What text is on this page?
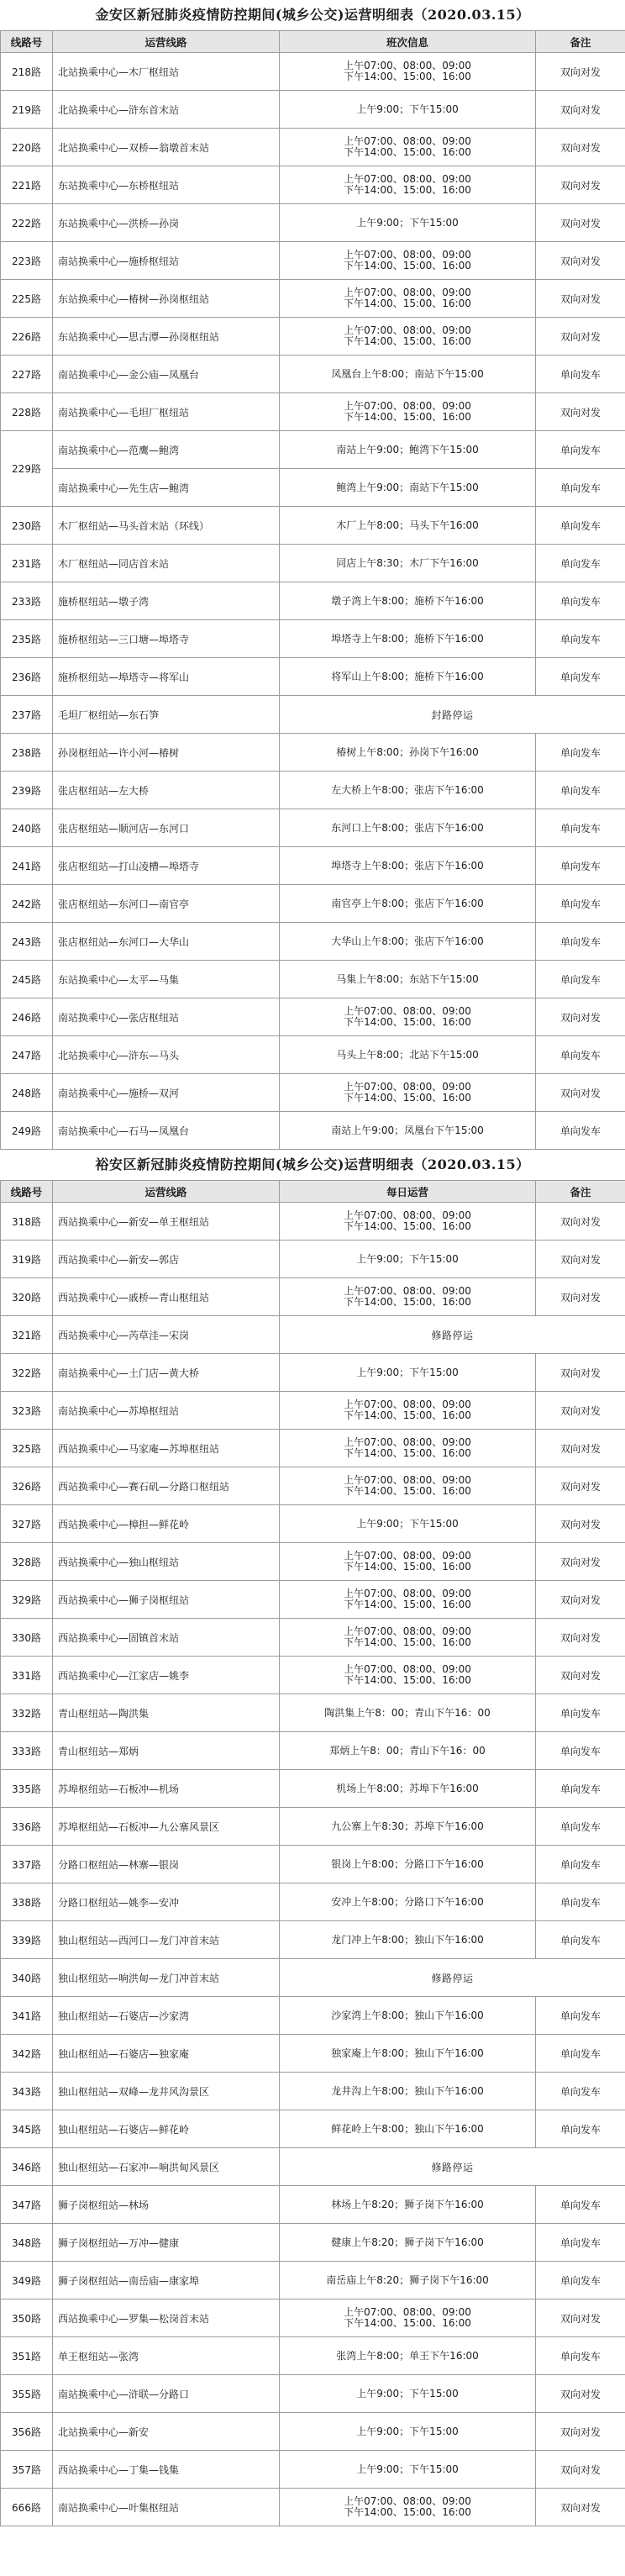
金安区新冠肺炎疫情防控期间(城乡公交)运营明细表（2020.03.15）
线路号	运营线路	班次信息	备注
218路	北站换乘中心—木厂枢纽站	上午07:00、08:00、09:00
下午14:00、15:00、16:00	双向对发
219路	北站换乘中心—浒东首末站	上午9:00；下午15:00	双向对发
220路	北站换乘中心—双桥—翁墩首末站	上午07:00、08:00、09:00
下午14:00、15:00、16:00	双向对发
221路	东站换乘中心—东桥枢纽站	上午07:00、08:00、09:00
下午14:00、15:00、16:00	双向对发
222路	东站换乘中心—洪桥—孙岗	上午9:00；下午15:00	双向对发
223路	南站换乘中心—施桥枢纽站	上午07:00、08:00、09:00
下午14:00、15:00、16:00	双向对发
225路	东站换乘中心—椿树—孙岗枢纽站	上午07:00、08:00、09:00
下午14:00、15:00、16:00	双向对发
226路	东站换乘中心—思古潭—孙岗枢纽站	上午07:00、08:00、09:00
下午14:00、15:00、16:00	双向对发
227路	南站换乘中心—金公庙—凤凰台	凤凰台上午8:00；南站下午15:00	单向发车
228路	南站换乘中心—毛坦厂枢纽站	上午07:00、08:00、09:00
下午14:00、15:00、16:00	双向对发
229路	南站换乘中心—范鹰—鲍湾	南站上午9:00；鲍湾下午15:00	单向发车
	南站换乘中心—先生店—鲍湾	鲍湾上午9:00；南站下午15:00	单向发车
230路	木厂枢纽站—马头首末站（环线）	木厂上午8:00；马头下午16:00	单向发车
231路	木厂枢纽站—同店首末站	同店上午8:30；木厂下午16:00	单向发车
233路	施桥枢纽站—墩子湾	墩子湾上午8:00；施桥下午16:00	单向发车
235路	施桥枢纽站—三口塘—埠塔寺	埠塔寺上午8:00；施桥下午16:00	单向发车
236路	施桥枢纽站—埠塔寺—将军山	将军山上午8:00；施桥下午16:00	单向发车
237路	毛坦厂枢纽站—东石笋	封路停运	
238路	孙岗枢纽站—许小河—椿树	椿树上午8:00；孙岗下午16:00	单向发车
239路	张店枢纽站—左大桥	左大桥上午8:00；张店下午16:00	单向发车
240路	张店枢纽站—顺河店—东河口	东河口上午8:00；张店下午16:00	单向发车
241路	张店枢纽站—打山凌槽—埠塔寺	埠塔寺上午8:00；张店下午16:00	单向发车
242路	张店枢纽站—东河口—南官亭	南官亭上午8:00；张店下午16:00	单向发车
243路	张店枢纽站—东河口—大华山	大华山上午8:00；张店下午16:00	单向发车
245路	东站换乘中心—太平—马集	马集上午8:00；东站下午15:00	单向发车
246路	南站换乘中心—张店枢纽站	上午07:00、08:00、09:00
下午14:00、15:00、16:00	双向对发
247路	北站换乘中心—浒东—马头	马头上午8:00；北站下午15:00	单向发车
248路	南站换乘中心—施桥—双河	上午07:00、08:00、09:00
下午14:00、15:00、16:00	双向对发
249路	南站换乘中心—石马—凤凰台	南站上午9:00；凤凰台下午15:00	单向发车
裕安区新冠肺炎疫情防控期间(城乡公交)运营明细表（2020.03.15）
线路号	运营线路	每日运营	备注
318路	西站换乘中心—新安—单王枢纽站	上午07:00、08:00、09:00
下午14:00、15:00、16:00	双向对发
319路	西站换乘中心—新安—郭店	上午9:00；下午15:00	双向对发
320路	西站换乘中心—戚桥—青山枢纽站	上午07:00、08:00、09:00
下午14:00、15:00、16:00	双向对发
321路	西站换乘中心—芮草洼—宋岗	修路停运	
322路	南站换乘中心—土门店—黄大桥	上午9:00；下午15:00	双向对发
323路	南站换乘中心—苏埠枢纽站	上午07:00、08:00、09:00
下午14:00、15:00、16:00	双向对发
325路	西站换乘中心—马家庵—苏埠枢纽站	上午07:00、08:00、09:00
下午14:00、15:00、16:00	双向对发
326路	西站换乘中心—赛石矶—分路口枢纽站	上午07:00、08:00、09:00
下午14:00、15:00、16:00	双向对发
327路	西站换乘中心—樟担—鲜花岭	上午9:00；下午15:00	双向对发
328路	西站换乘中心—独山枢纽站	上午07:00、08:00、09:00
下午14:00、15:00、16:00	双向对发
329路	西站换乘中心—狮子岗枢纽站	上午07:00、08:00、09:00
下午14:00、15:00、16:00	双向对发
330路	西站换乘中心—固镇首末站	上午07:00、08:00、09:00
下午14:00、15:00、16:00	双向对发
331路	西站换乘中心—江家店—姚李	上午07:00、08:00、09:00
下午14:00、15:00、16:00	双向对发
332路	青山枢纽站—陶洪集	陶洪集上午8：00；青山下午16：00	单向发车
333路	青山枢纽站—郑炳	郑炳上午8：00；青山下午16：00	单向发车
335路	苏埠枢纽站—石板冲—机场	机场上午8:00；苏埠下午16:00	单向发车
336路	苏埠枢纽站—石板冲—九公寨风景区	九公寨上午8:30；苏埠下午16:00	单向发车
337路	分路口枢纽站—林寨—银岗	银岗上午8:00；分路口下午16:00	单向发车
338路	分路口枢纽站—姚李—安冲	安冲上午8:00；分路口下午16:00	单向发车
339路	独山枢纽站—西河口—龙门冲首末站	龙门冲上午8:00；独山下午16:00	单向发车
340路	独山枢纽站—响洪甸—龙门冲首末站	修路停运	
341路	独山枢纽站—石婆店—沙家湾	沙家湾上午8:00；独山下午16:00	单向发车
342路	独山枢纽站—石婆店—独家庵	独家庵上午8:00；独山下午16:00	单向发车
343路	独山枢纽站—双峰—龙井风沟景区	龙井沟上午8:00；独山下午16:00	单向发车
345路	独山枢纽站—石婆店—鲜花岭	鲜花岭上午8:00；独山下午16:00	单向发车
346路	独山枢纽站—石家冲—响洪甸风景区	修路停运	
347路	狮子岗枢纽站—林场	林场上午8:20；狮子岗下午16:00	单向发车
348路	狮子岗枢纽站—万冲—健康	健康上午8:20；狮子岗下午16:00	单向发车
349路	狮子岗枢纽站—南岳庙—康家埠	南岳庙上午8:20；狮子岗下午16:00	单向发车
350路	西站换乘中心—罗集—松岗首末站	上午07:00、08:00、09:00
下午14:00、15:00、16:00	双向对发
351路	单王枢纽站—张湾	张湾上午8:00；单王下午16:00	单向发车
355路	南站换乘中心—浒联—分路口	上午9:00；下午15:00	双向对发
356路	北站换乘中心—新安	上午9:00；下午15:00	双向对发
357路	西站换乘中心—丁集—钱集	上午9:00；下午15:00	双向对发
666路	南站换乘中心—叶集枢纽站	上午07:00、08:00、09:00
下午14:00、15:00、16:00	双向对发
